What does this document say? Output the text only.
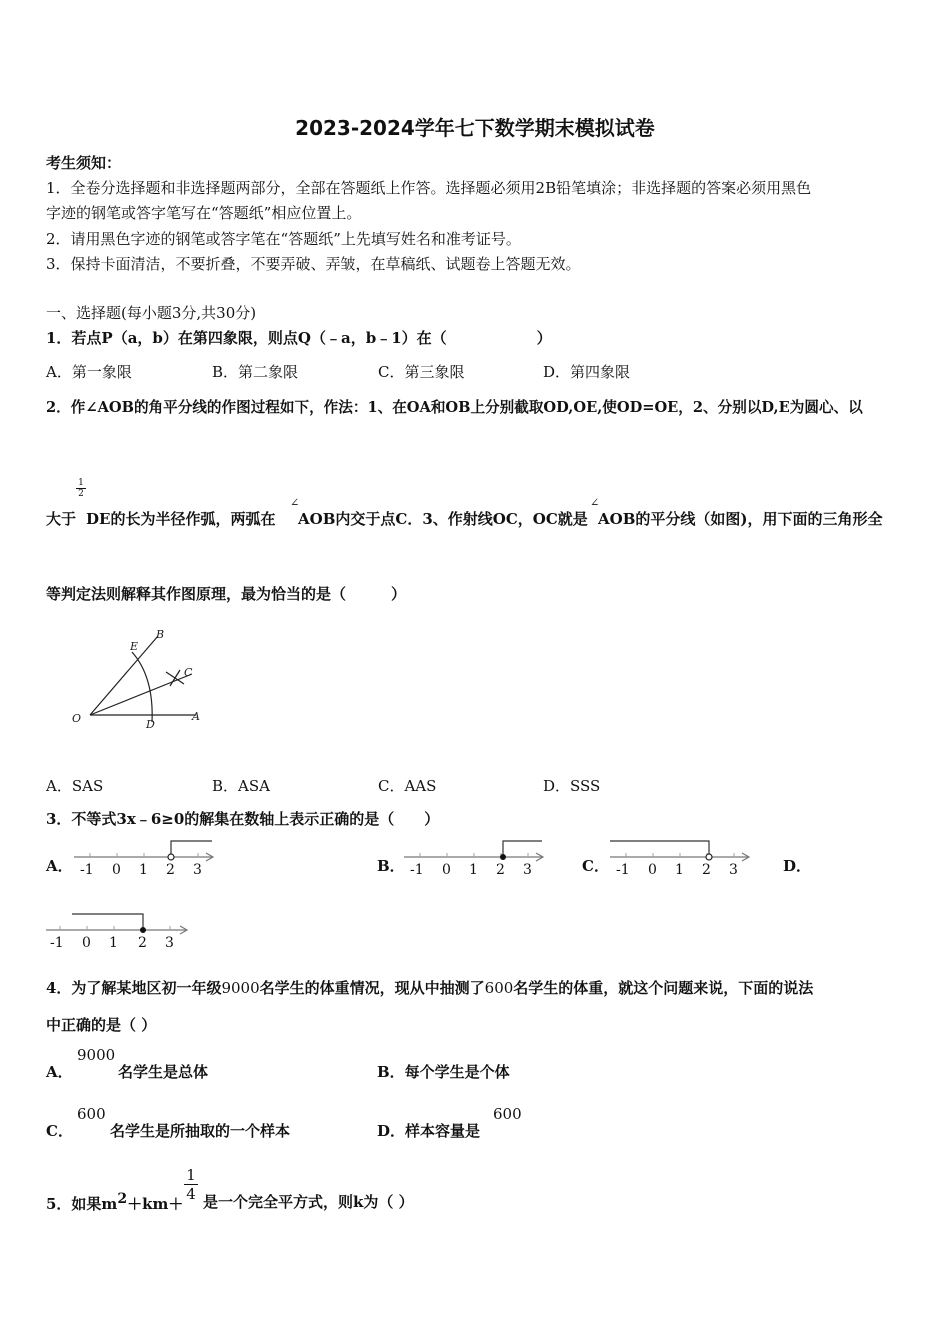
2023-2024学年七下数学期末模拟试卷
考生须知：
1．全卷分选择题和非选择题两部分，全部在答题纸上作答。选择题必须用2B铅笔填涂；非选择题的答案必须用黑色
字迹的钢笔或答字笔写在“答题纸”相应位置上。
2．请用黑色字迹的钢笔或答字笔在“答题纸”上先填写姓名和准考证号。
3．保持卡面清洁，不要折叠，不要弄破、弄皱，在草稿纸、试题卷上答题无效。
一、选择题(每小题3分,共30分)
1．若点P（a，b）在第四象限，则点Q（﹣a，b﹣1）在（　　　　　　）
A．第一象限	B．第二象限	C．第三象限	D．第四象限
2．作∠AOB的角平分线的作图过程如下，作法：1、在OA和OB上分别截取OD,OE,使OD=OE，2、分别以D,E为圆心、以
$\frac{1}{2}$
大于 DE的长为半径作弧，两弧在
∠
AOB内交于点C．3、作射线OC，OC就是
∠
AOB的平分线（如图)，用下面的三角形全
等判定法则解释其作图原理，最为恰当的是（　　　）
O	A
B
C
D
E
A．SAS	B．ASA	C．AAS	D．SSS
3．不等式3x﹣6≥0的解集在数轴上表示正确的是（　　）
A． -1 0 1 2 3	B． -1 0 1 2 3	C． -1 0 1 2 3	D．
-1 0 1 2 3
4．为了解某地区初一年级9000名学生的体重情况，现从中抽测了600名学生的体重，就这个问题来说，下面的说法
中正确的是（ ）
A．
9000
名学生是总体	B．每个学生是个体
C．
600
名学生是所抽取的一个样本	D．样本容量是
600
5．如果$m^2+km+$
$\frac{1}{4}$ 是一个完全平方式，则k为（ ）
